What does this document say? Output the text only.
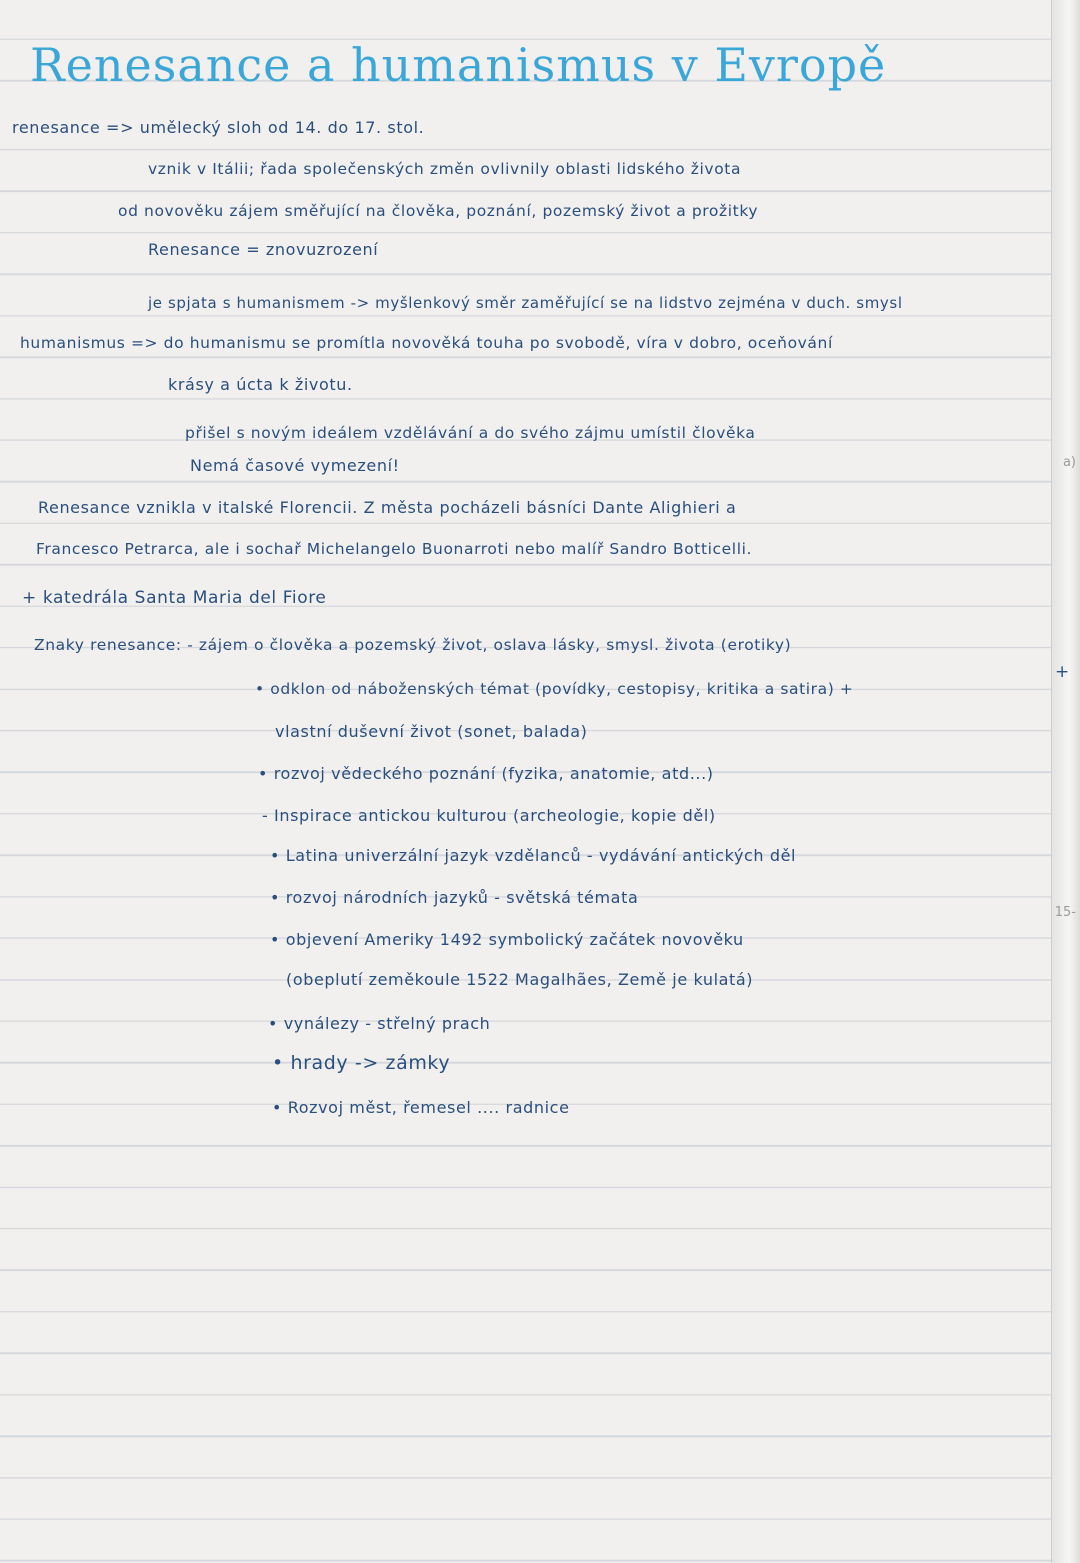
a)
+
15-
Renesance a humanismus v Evropě
renesance => umělecký sloh od 14. do 17. stol.
vznik v Itálii; řada společenských změn ovlivnily oblasti lidského života
od novověku zájem směřující na člověka, poznání, pozemský život a prožitky
Renesance = znovuzrození
je spjata s humanismem -> myšlenkový směr zaměřující se na lidstvo zejména v duch. smysl
humanismus => do humanismu se promítla novověká touha po svobodě, víra v dobro, oceňování
krásy a úcta k životu.
přišel s novým ideálem vzdělávání a do svého zájmu umístil člověka
Nemá časové vymezení!
Renesance vznikla v italské Florencii. Z města pocházeli básníci Dante Alighieri a
Francesco Petrarca, ale i sochař Michelangelo Buonarroti nebo malíř Sandro Botticelli.
+ katedrála Santa Maria del Fiore
Znaky renesance: - zájem o člověka a pozemský život, oslava lásky, smysl. života (erotiky)
• odklon od náboženských témat (povídky, cestopisy, kritika a satira) +
vlastní duševní život (sonet, balada)
• rozvoj vědeckého poznání (fyzika, anatomie, atd...)
- Inspirace antickou kulturou (archeologie, kopie děl)
• Latina univerzální jazyk vzdělanců - vydávání antických děl
• rozvoj národních jazyků - světská témata
• objevení Ameriky 1492 symbolický začátek novověku
(obeplutí zeměkoule 1522 Magalhães, Země je kulatá)
• vynálezy - střelný prach
• hrady -> zámky
• Rozvoj měst, řemesel .... radnice
